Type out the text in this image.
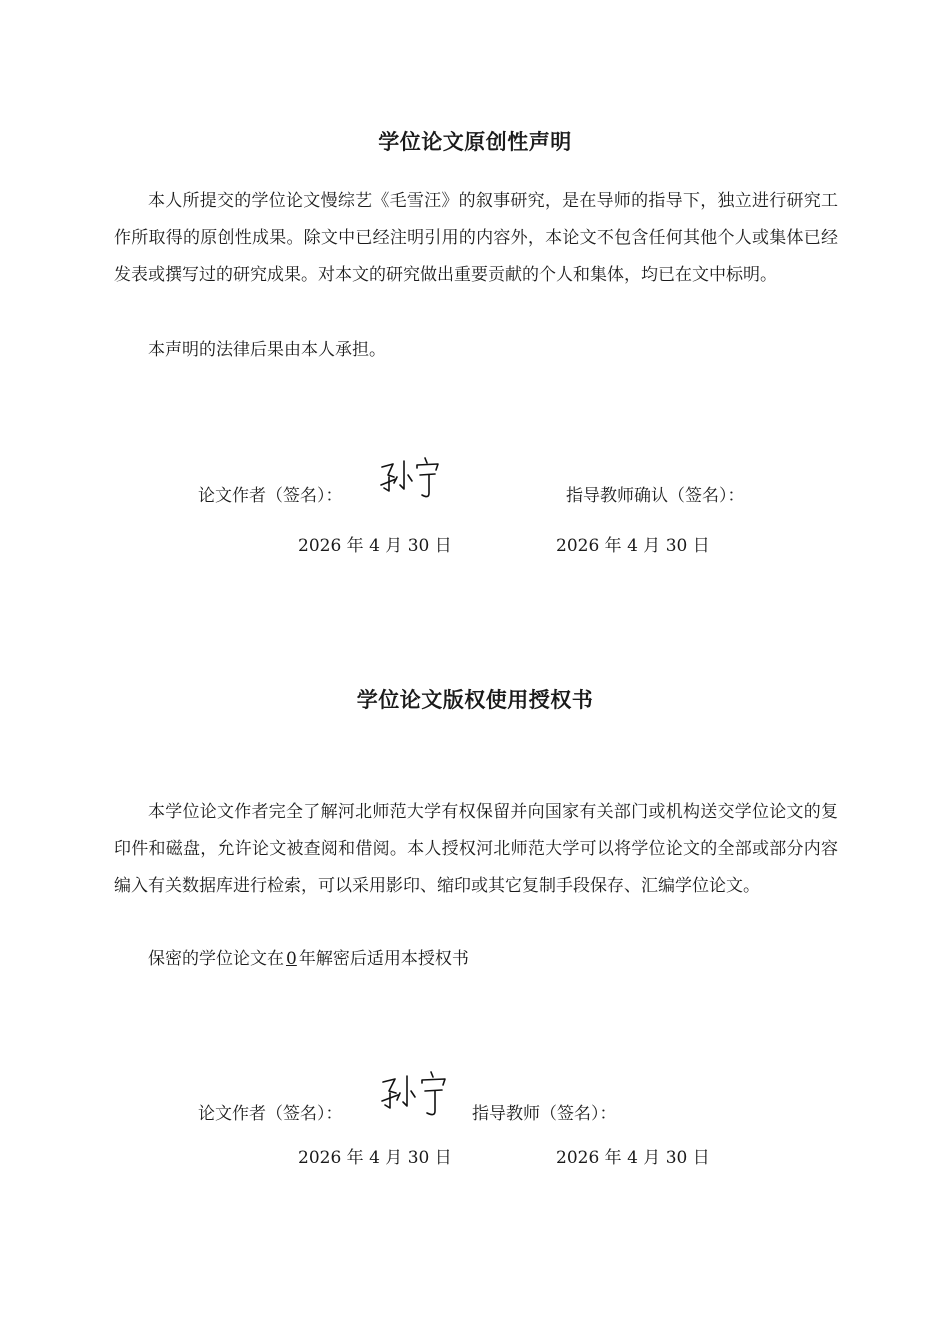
学位论文原创性声明

本人所提交的学位论文慢综艺《毛雪汪》的叙事研究，是在导师的指导下，独立进行研究工作所取得的原创性成果。除文中已经注明引用的内容外，本论文不包含任何其他个人或集体已经发表或撰写过的研究成果。对本文的研究做出重要贡献的个人和集体，均已在文中标明。

本声明的法律后果由本人承担。

论文作者（签名）：	指导教师确认（签名）：
2026 年 4 月 30 日	2026 年 4 月 30 日
学位论文版权使用授权书

本学位论文作者完全了解河北师范大学有权保留并向国家有关部门或机构送交学位论文的复印件和磁盘，允许论文被查阅和借阅。本人授权河北师范大学可以将学位论文的全部或部分内容编入有关数据库进行检索，可以采用影印、缩印或其它复制手段保存、汇编学位论文。

保密的学位论文在 0 年解密后适用本授权书

论文作者（签名）：	指导教师（签名）：
2026 年 4 月 30 日	2026 年 4 月 30 日
